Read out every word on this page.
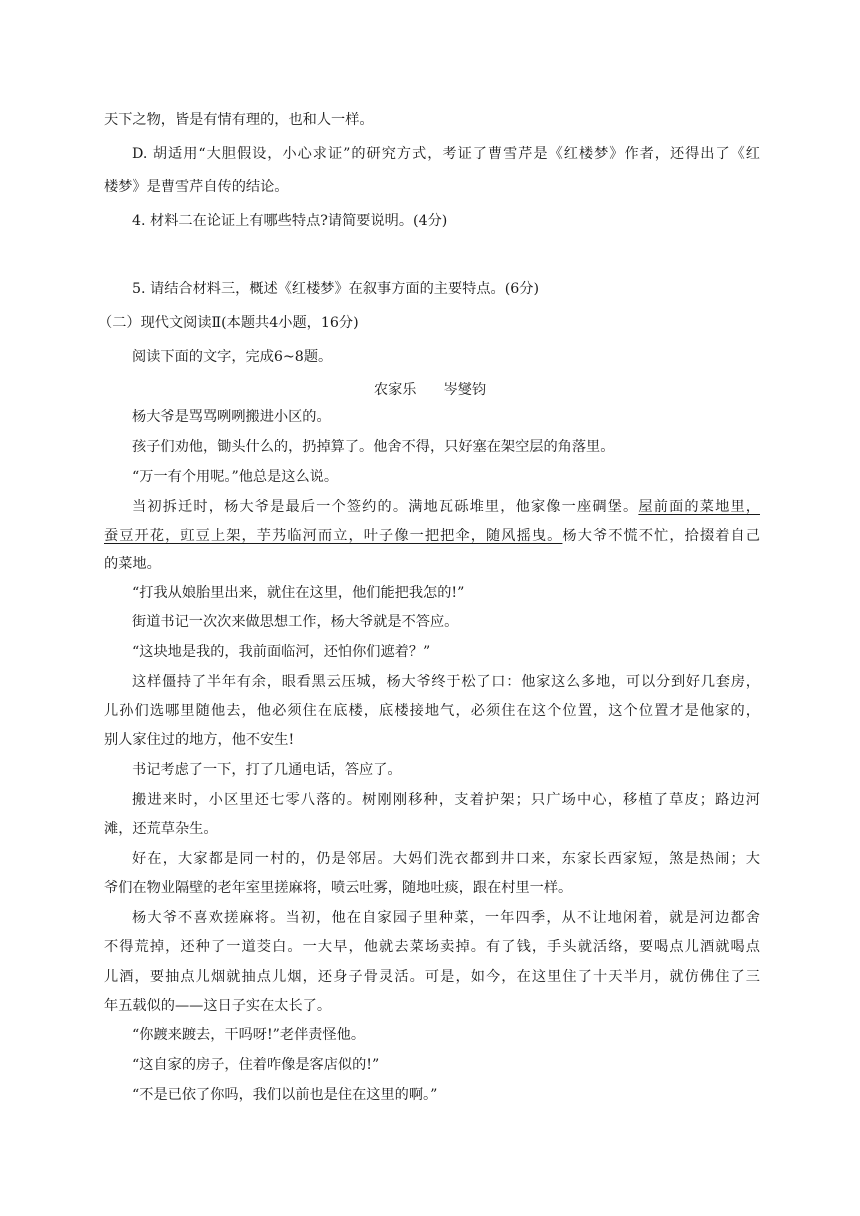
天下之物，皆是有情有理的，也和人一样。
D. 胡适用“大胆假设，小心求证”的研究方式，考证了曹雪芹是《红楼梦》作者，还得出了《红
楼梦》是曹雪芹自传的结论。
4. 材料二在论证上有哪些特点?请简要说明。(4分)
5. 请结合材料三，概述《红楼梦》在叙事方面的主要特点。(6分)
（二）现代文阅读Ⅱ(本题共4小题，16分)
阅读下面的文字，完成6~8题。
农家乐 岑燮钧
杨大爷是骂骂咧咧搬进小区的。
孩子们劝他，锄头什么的，扔掉算了。他舍不得，只好塞在架空层的角落里。
“万一有个用呢。”他总是这么说。
当初拆迁时，杨大爷是最后一个签约的。满地瓦砾堆里，他家像一座碉堡。屋前面的菜地里，
蚕豆开花，豇豆上架，芋艿临河而立，叶子像一把把伞，随风摇曳。杨大爷不慌不忙，拾掇着自己
的菜地。
“打我从娘胎里出来，就住在这里，他们能把我怎的!”
街道书记一次次来做思想工作，杨大爷就是不答应。
“这块地是我的，我前面临河，还怕你们遮着？”
这样僵持了半年有余，眼看黑云压城，杨大爷终于松了口：他家这么多地，可以分到好几套房，
儿孙们选哪里随他去，他必须住在底楼，底楼接地气，必须住在这个位置，这个位置才是他家的，
别人家住过的地方，他不安生!
书记考虑了一下，打了几通电话，答应了。
搬进来时，小区里还七零八落的。树刚刚移种，支着护架；只广场中心，移植了草皮；路边河
滩，还荒草杂生。
好在，大家都是同一村的，仍是邻居。大妈们洗衣都到井口来，东家长西家短，煞是热闹；大
爷们在物业隔壁的老年室里搓麻将，喷云吐雾，随地吐痰，跟在村里一样。
杨大爷不喜欢搓麻将。当初，他在自家园子里种菜，一年四季，从不让地闲着，就是河边都舍
不得荒掉，还种了一道茭白。一大早，他就去菜场卖掉。有了钱，手头就活络，要喝点儿酒就喝点
儿酒，要抽点儿烟就抽点儿烟，还身子骨灵活。可是，如今，在这里住了十天半月，就仿佛住了三
年五载似的——这日子实在太长了。
“你踱来踱去，干吗呀!”老伴责怪他。
“这自家的房子，住着咋像是客店似的!”
“不是已依了你吗，我们以前也是住在这里的啊。”
